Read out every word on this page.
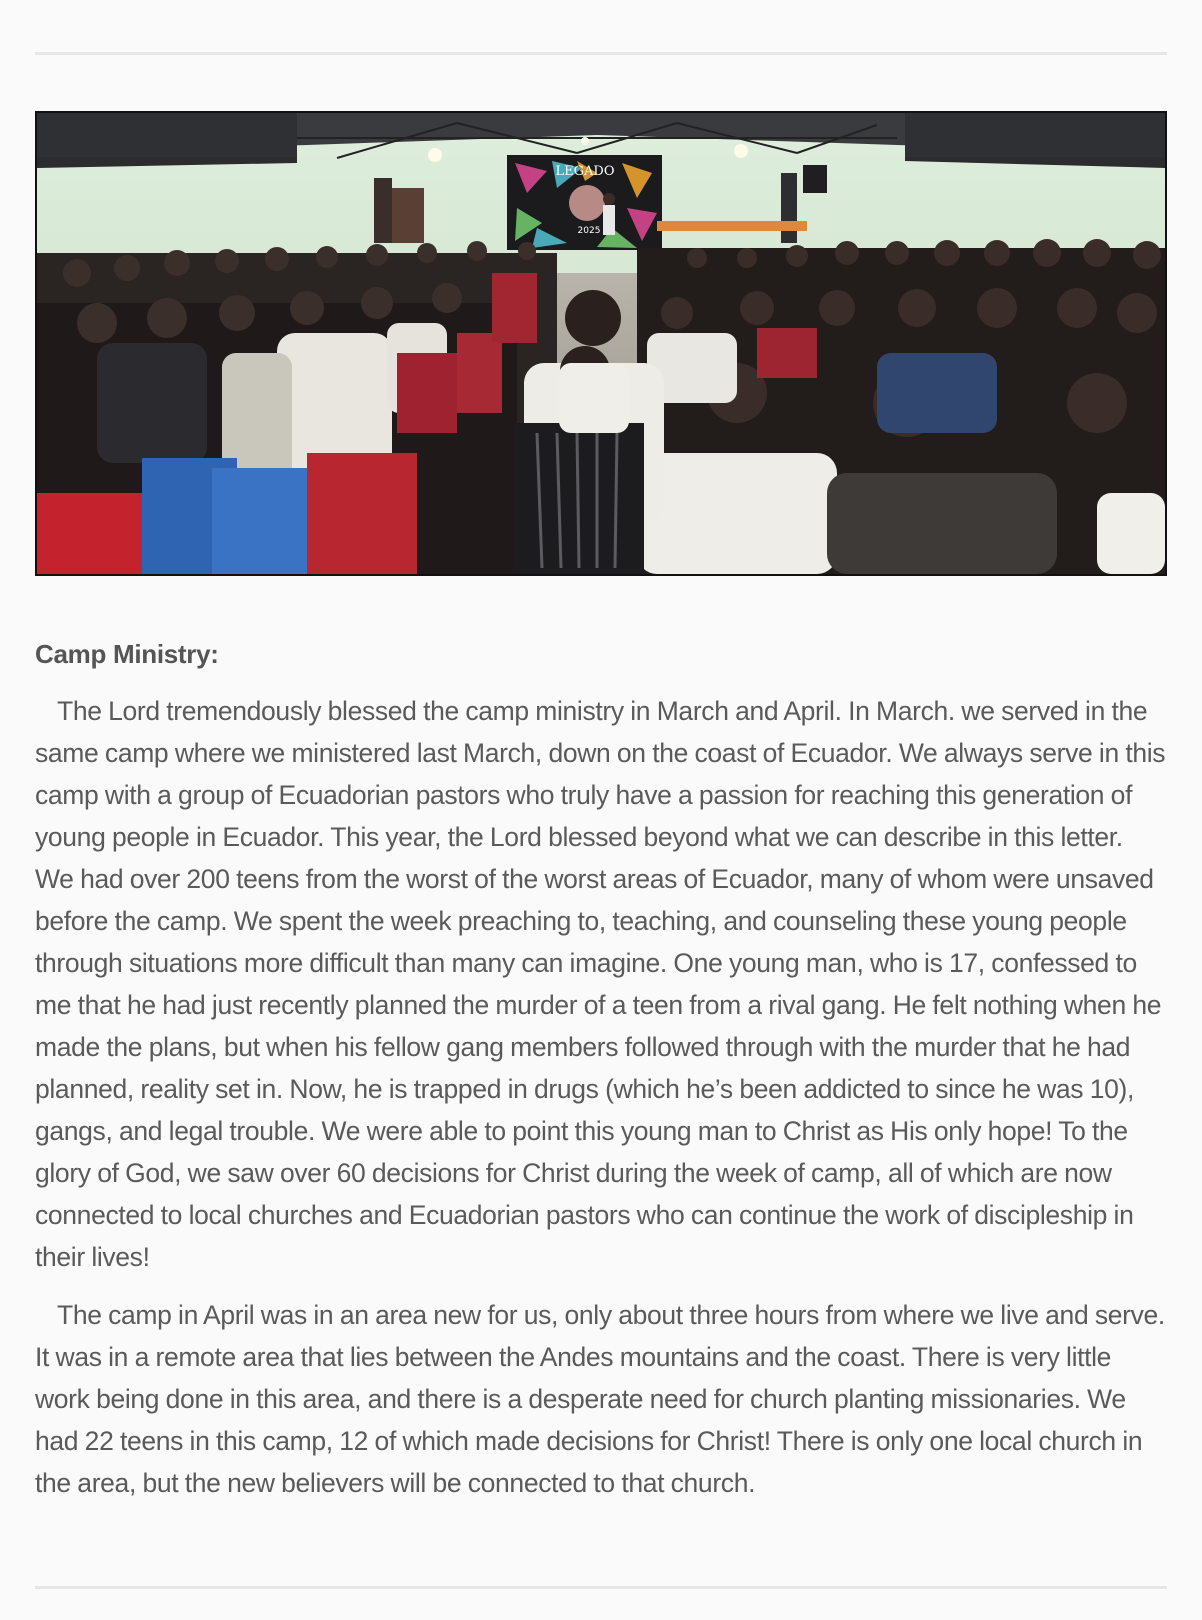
LEGADO
2025
Camp Ministry:

The Lord tremendously blessed the camp ministry in March and April. In March. we served in the same camp where we ministered last March, down on the coast of Ecuador. We always serve in this camp with a group of Ecuadorian pastors who truly have a passion for reaching this generation of young people in Ecuador. This year, the Lord blessed beyond what we can describe in this letter. We had over 200 teens from the worst of the worst areas of Ecuador, many of whom were unsaved before the camp. We spent the week preaching to, teaching, and counseling these young people through situations more difficult than many can imagine. One young man, who is 17, confessed to me that he had just recently planned the murder of a teen from a rival gang. He felt nothing when he made the plans, but when his fellow gang members followed through with the murder that he had planned, reality set in. Now, he is trapped in drugs (which he’s been addicted to since he was 10), gangs, and legal trouble. We were able to point this young man to Christ as His only hope! To the glory of God, we saw over 60 decisions for Christ during the week of camp, all of which are now connected to local churches and Ecuadorian pastors who can continue the work of discipleship in their lives!

The camp in April was in an area new for us, only about three hours from where we live and serve. It was in a remote area that lies between the Andes mountains and the coast. There is very little work being done in this area, and there is a desperate need for church planting missionaries. We had 22 teens in this camp, 12 of which made decisions for Christ! There is only one local church in the area, but the new believers will be connected to that church.
